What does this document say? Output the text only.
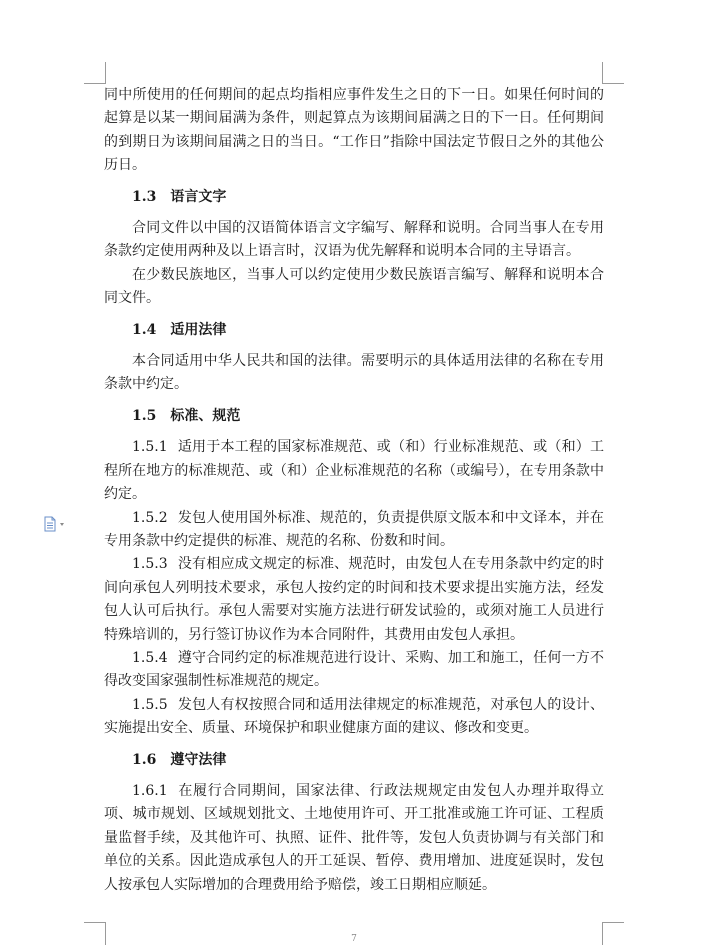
同中所使用的任何期间的起点均指相应事件发生之日的下一日。如果任何时间的起算是以某一期间届满为条件，则起算点为该期间届满之日的下一日。任何期间的到期日为该期间届满之日的当日。“工作日”指除中国法定节假日之外的其他公历日。

1.3 语言文字

合同文件以中国的汉语简体语言文字编写、解释和说明。合同当事人在专用条款约定使用两种及以上语言时，汉语为优先解释和说明本合同的主导语言。

在少数民族地区，当事人可以约定使用少数民族语言编写、解释和说明本合同文件。

1.4 适用法律

本合同适用中华人民共和国的法律。需要明示的具体适用法律的名称在专用条款中约定。

1.5 标准、规范

1.5.1 适用于本工程的国家标准规范、或（和）行业标准规范、或（和）工程所在地方的标准规范、或（和）企业标准规范的名称（或编号），在专用条款中约定。

1.5.2 发包人使用国外标准、规范的，负责提供原文版本和中文译本，并在专用条款中约定提供的标准、规范的名称、份数和时间。

1.5.3 没有相应成文规定的标准、规范时，由发包人在专用条款中约定的时间向承包人列明技术要求，承包人按约定的时间和技术要求提出实施方法，经发包人认可后执行。承包人需要对实施方法进行研发试验的，或须对施工人员进行特殊培训的，另行签订协议作为本合同附件，其费用由发包人承担。

1.5.4 遵守合同约定的标准规范进行设计、采购、加工和施工，任何一方不得改变国家强制性标准规范的规定。

1.5.5 发包人有权按照合同和适用法律规定的标准规范，对承包人的设计、实施提出安全、质量、环境保护和职业健康方面的建议、修改和变更。

1.6 遵守法律

1.6.1 在履行合同期间，国家法律、行政法规规定由发包人办理并取得立项、城市规划、区域规划批文、土地使用许可、开工批准或施工许可证、工程质量监督手续，及其他许可、执照、证件、批件等，发包人负责协调与有关部门和单位的关系。因此造成承包人的开工延误、暂停、费用增加、进度延误时，发包人按承包人实际增加的合理费用给予赔偿，竣工日期相应顺延。

7
